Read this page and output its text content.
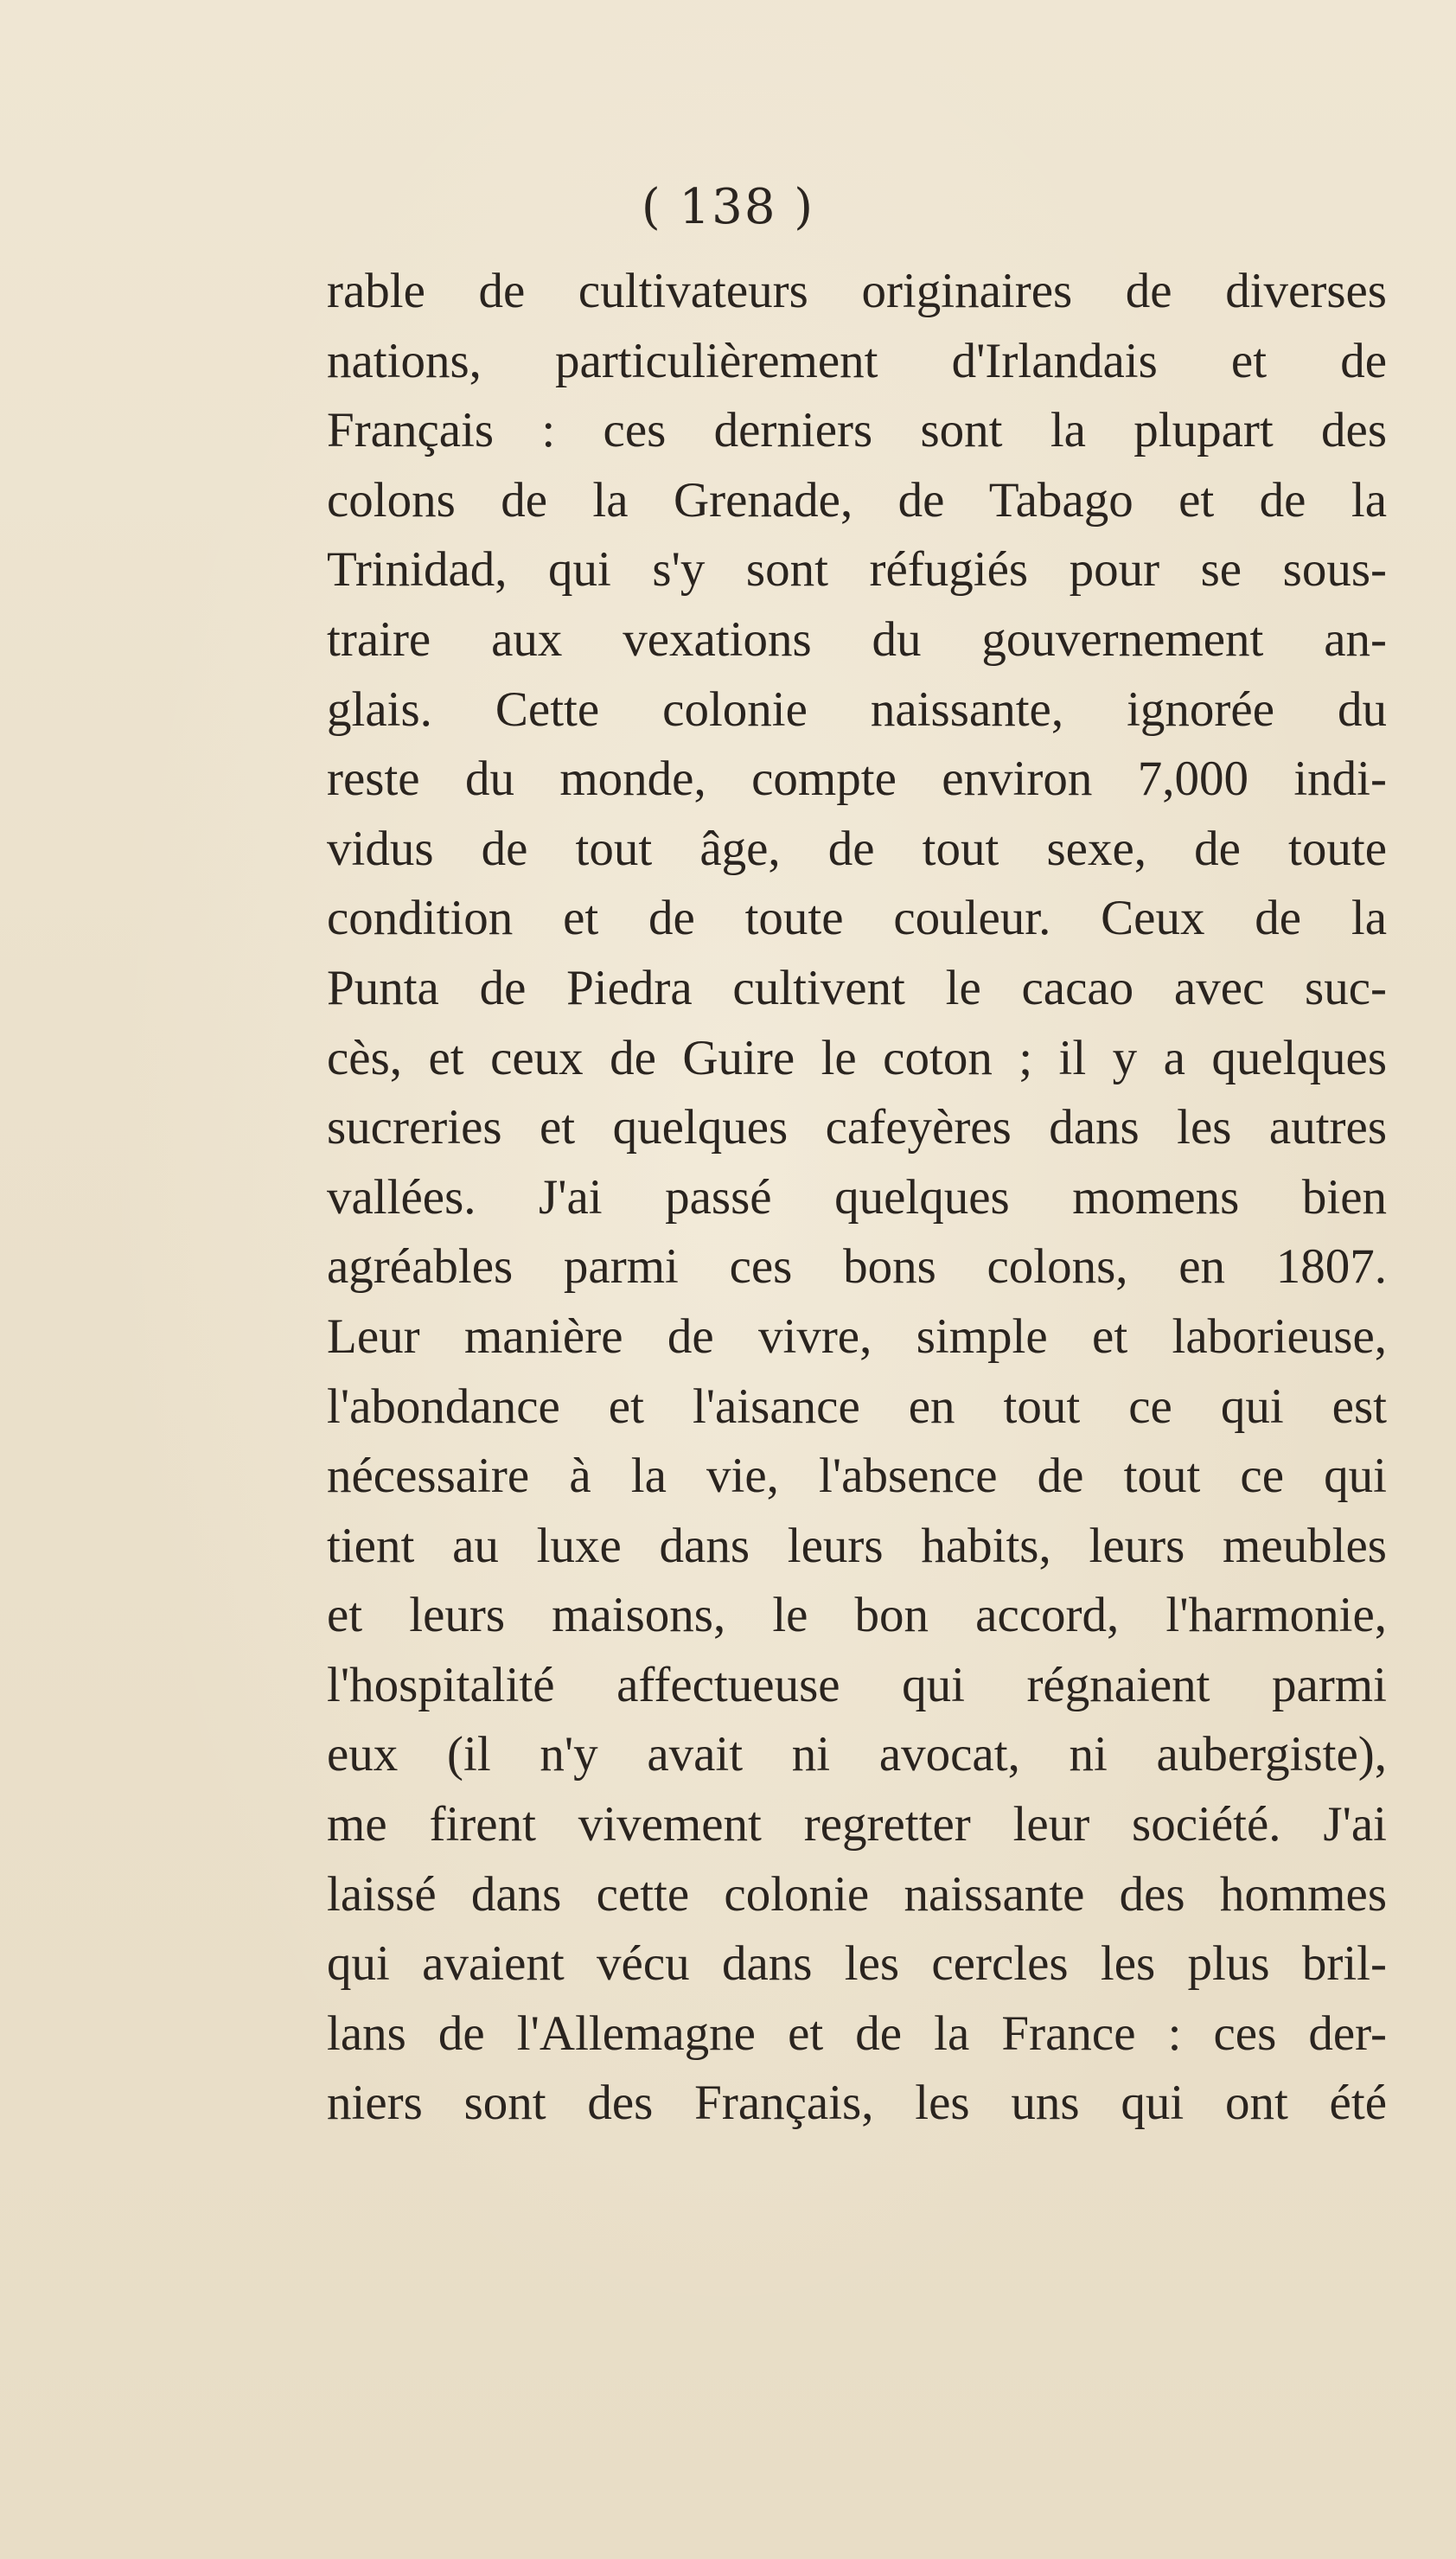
( 138 )
rable de cultivateurs originaires de diverses
nations, particulièrement d'Irlandais et de
Français : ces derniers sont la plupart des
colons de la Grenade, de Tabago et de la
Trinidad, qui s'y sont réfugiés pour se sous-
traire aux vexations du gouvernement an-
glais. Cette colonie naissante, ignorée du
reste du monde, compte environ 7,000 indi-
vidus de tout âge, de tout sexe, de toute
condition et de toute couleur. Ceux de la
Punta de Piedra cultivent le cacao avec suc-
cès, et ceux de Guire le coton ; il y a quelques
sucreries et quelques cafeyères dans les autres
vallées. J'ai passé quelques momens bien
agréables parmi ces bons colons, en 1807.
Leur manière de vivre, simple et laborieuse,
l'abondance et l'aisance en tout ce qui est
nécessaire à la vie, l'absence de tout ce qui
tient au luxe dans leurs habits, leurs meubles
et leurs maisons, le bon accord, l'harmonie,
l'hospitalité affectueuse qui régnaient parmi
eux (il n'y avait ni avocat, ni aubergiste),
me firent vivement regretter leur société. J'ai
laissé dans cette colonie naissante des hommes
qui avaient vécu dans les cercles les plus bril-
lans de l'Allemagne et de la France : ces der-
niers sont des Français, les uns qui ont été
